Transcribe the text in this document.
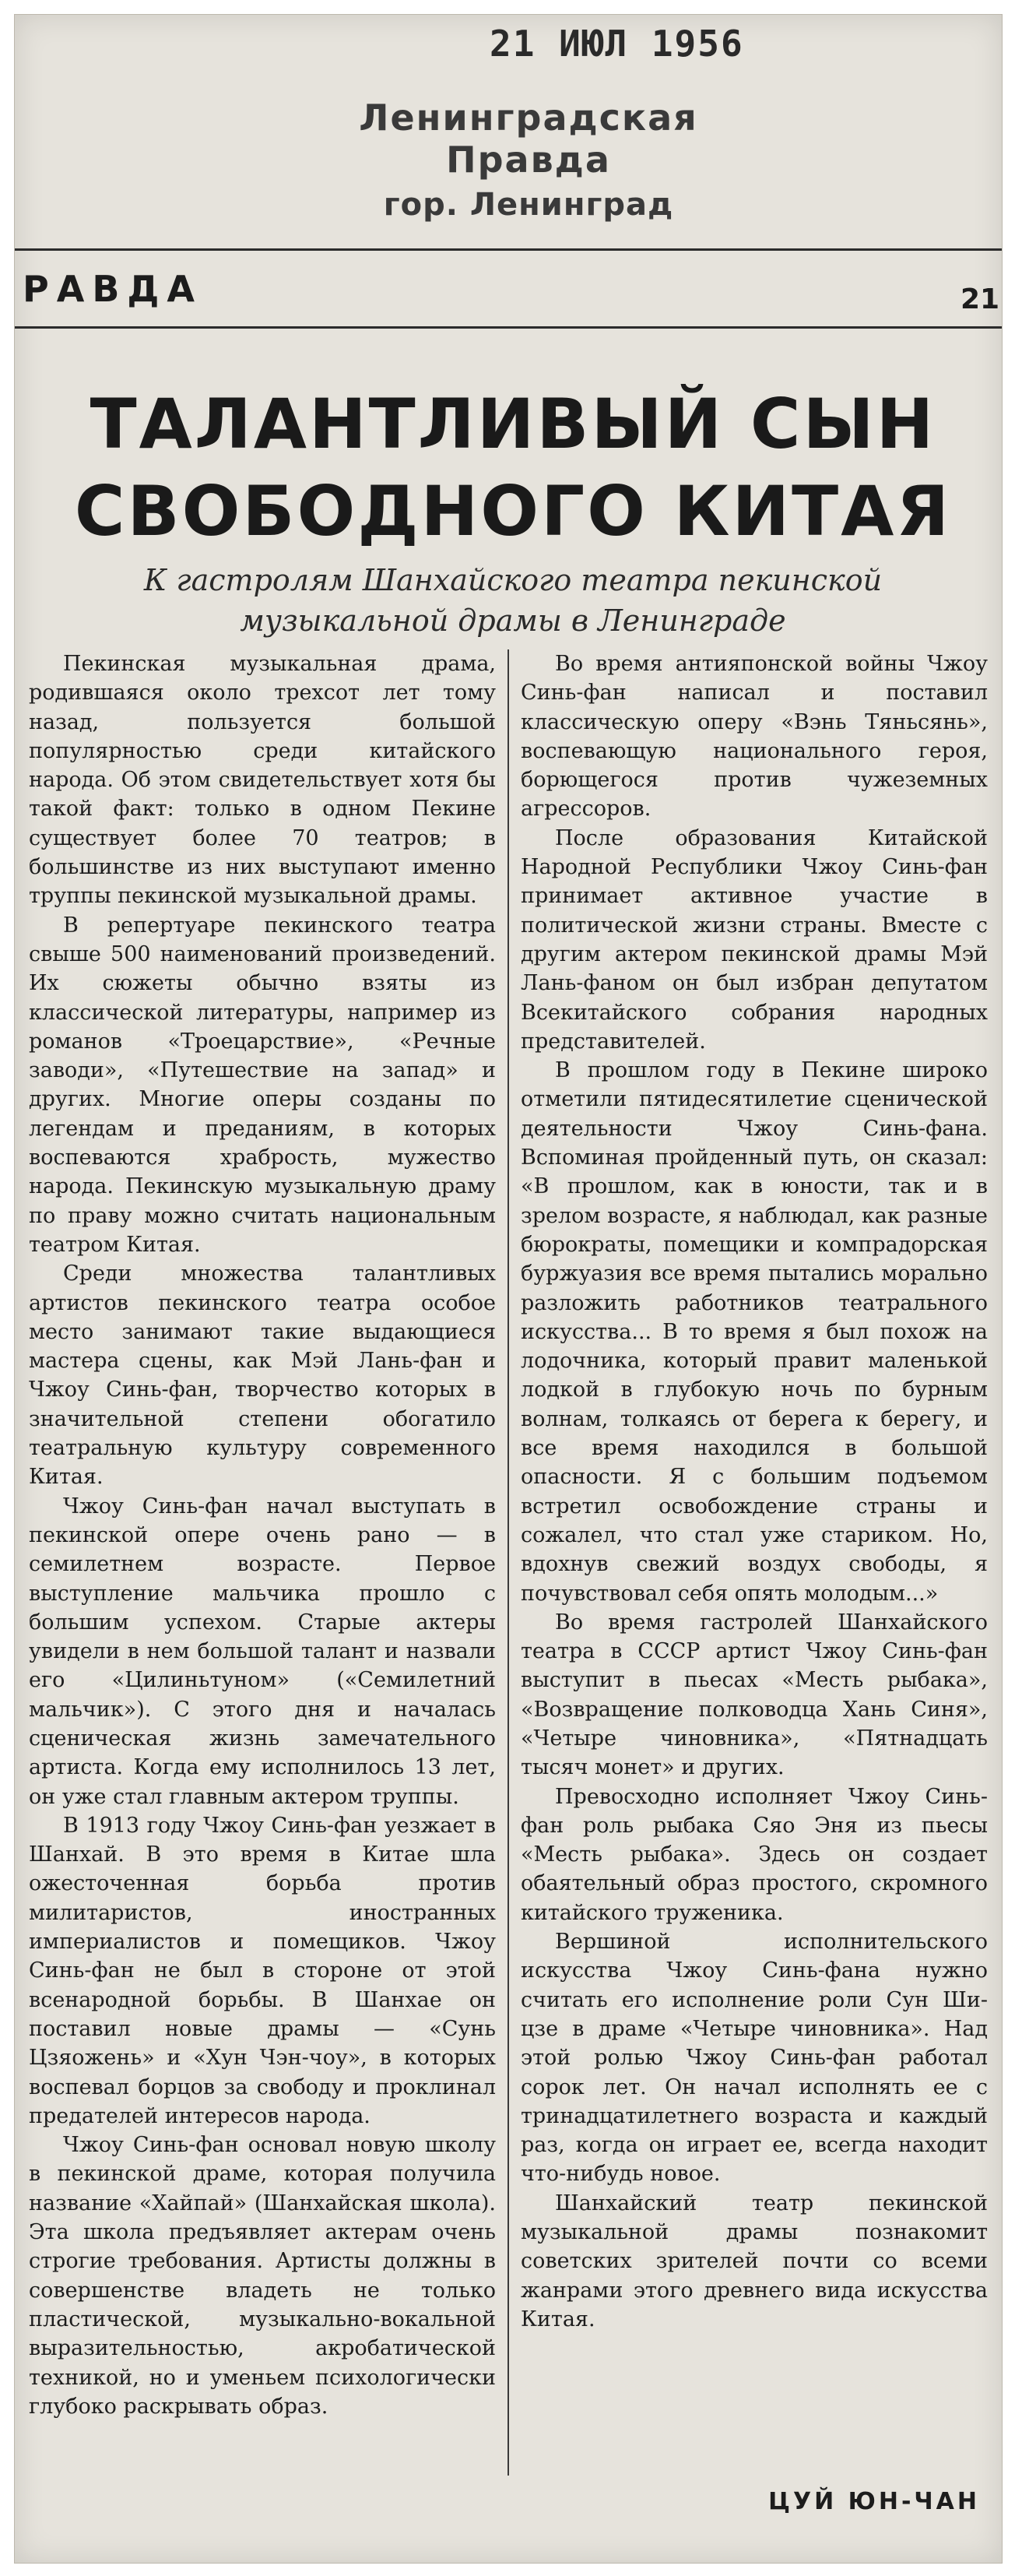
21 ИЮЛ 1956
Ленинградская Правда
гор. Ленинград
РАВДА	21
ТАЛАНТЛИВЫЙ СЫН
СВОБОДНОГО КИТАЯ
К гастролям Шанхайского театра пекинской
музыкальной драмы в Ленинграде

Пекинская музыкальная драма, родившаяся около трехсот лет тому назад, пользуется большой популярностью среди китайского народа. Об этом свидетельствует хотя бы такой факт: только в одном Пекине существует более 70 театров; в большинстве из них выступают именно труппы пекинской музыкальной драмы.

В репертуаре пекинского театра свыше 500 наименований произведений. Их сюжеты обычно взяты из классической литературы, например из романов «Троецарствие», «Речные заводи», «Путешествие на запад» и других. Многие оперы созданы по легендам и преданиям, в которых воспеваются храбрость, мужество народа. Пекинскую музыкальную драму по праву можно считать национальным театром Китая.

Среди множества талантливых артистов пекинского театра особое место занимают такие выдающиеся мастера сцены, как Мэй Лань-фан и Чжоу Синь-фан, творчество которых в значительной степени обогатило театральную культуру современного Китая.

Чжоу Синь-фан начал выступать в пекинской опере очень рано — в семилетнем возрасте. Первое выступление мальчика прошло с большим успехом. Старые актеры увидели в нем большой талант и назвали его «Цилиньтуном» («Семилетний мальчик»). С этого дня и началась сценическая жизнь замечательного артиста. Когда ему исполнилось 13 лет, он уже стал главным актером труппы.

В 1913 году Чжоу Синь-фан уезжает в Шанхай. В это время в Китае шла ожесточенная борьба против милитаристов, иностранных империалистов и помещиков. Чжоу Синь-фан не был в стороне от этой всенародной борьбы. В Шанхае он поставил новые драмы — «Сунь Цзяожень» и «Хун Чэн-чоу», в которых воспевал борцов за свободу и проклинал предателей интересов народа.

Чжоу Синь-фан основал новую школу в пекинской драме, которая получила название «Хайпай» (Шанхайская школа). Эта школа предъявляет актерам очень строгие требования. Артисты должны в совершенстве владеть не только пластической, музыкально-вокальной выразительностью, акробатической техникой, но и уменьем психологически глубоко раскрывать образ.

Во время антияпонской войны Чжоу Синь-фан написал и поставил классическую оперу «Вэнь Тяньсянь», воспевающую национального героя, борющегося против чужеземных агрессоров.

После образования Китайской Народной Республики Чжоу Синь-фан принимает активное участие в политической жизни страны. Вместе с другим актером пекинской драмы Мэй Лань-фаном он был избран депутатом Всекитайского собрания народных представителей.

В прошлом году в Пекине широко отметили пятидесятилетие сценической деятельности Чжоу Синь-фана. Вспоминая пройденный путь, он сказал: «В прошлом, как в юности, так и в зрелом возрасте, я наблюдал, как разные бюрократы, помещики и компрадорская буржуазия все время пытались морально разложить работников театрального искусства... В то время я был похож на лодочника, который правит маленькой лодкой в глубокую ночь по бурным волнам, толкаясь от берега к берегу, и все время находился в большой опасности. Я с большим подъемом встретил освобождение страны и сожалел, что стал уже стариком. Но, вдохнув свежий воздух свободы, я почувствовал себя опять молодым...»

Во время гастролей Шанхайского театра в СССР артист Чжоу Синь-фан выступит в пьесах «Месть рыбака», «Возвращение полководца Хань Синя», «Четыре чиновника», «Пятнадцать тысяч монет» и других.

Превосходно исполняет Чжоу Синь-фан роль рыбака Сяо Эня из пьесы «Месть рыбака». Здесь он создает обаятельный образ простого, скромного китайского труженика.

Вершиной исполнительского искусства Чжоу Синь-фана нужно считать его исполнение роли Сун Ши-цзе в драме «Четыре чиновника». Над этой ролью Чжоу Синь-фан работал сорок лет. Он начал исполнять ее с тринадцатилетнего возраста и каждый раз, когда он играет ее, всегда находит что-нибудь новое.

Шанхайский театр пекинской музыкальной драмы познакомит советских зрителей почти со всеми жанрами этого древнего вида искусства Китая.

ЦУЙ ЮН-ЧАН
